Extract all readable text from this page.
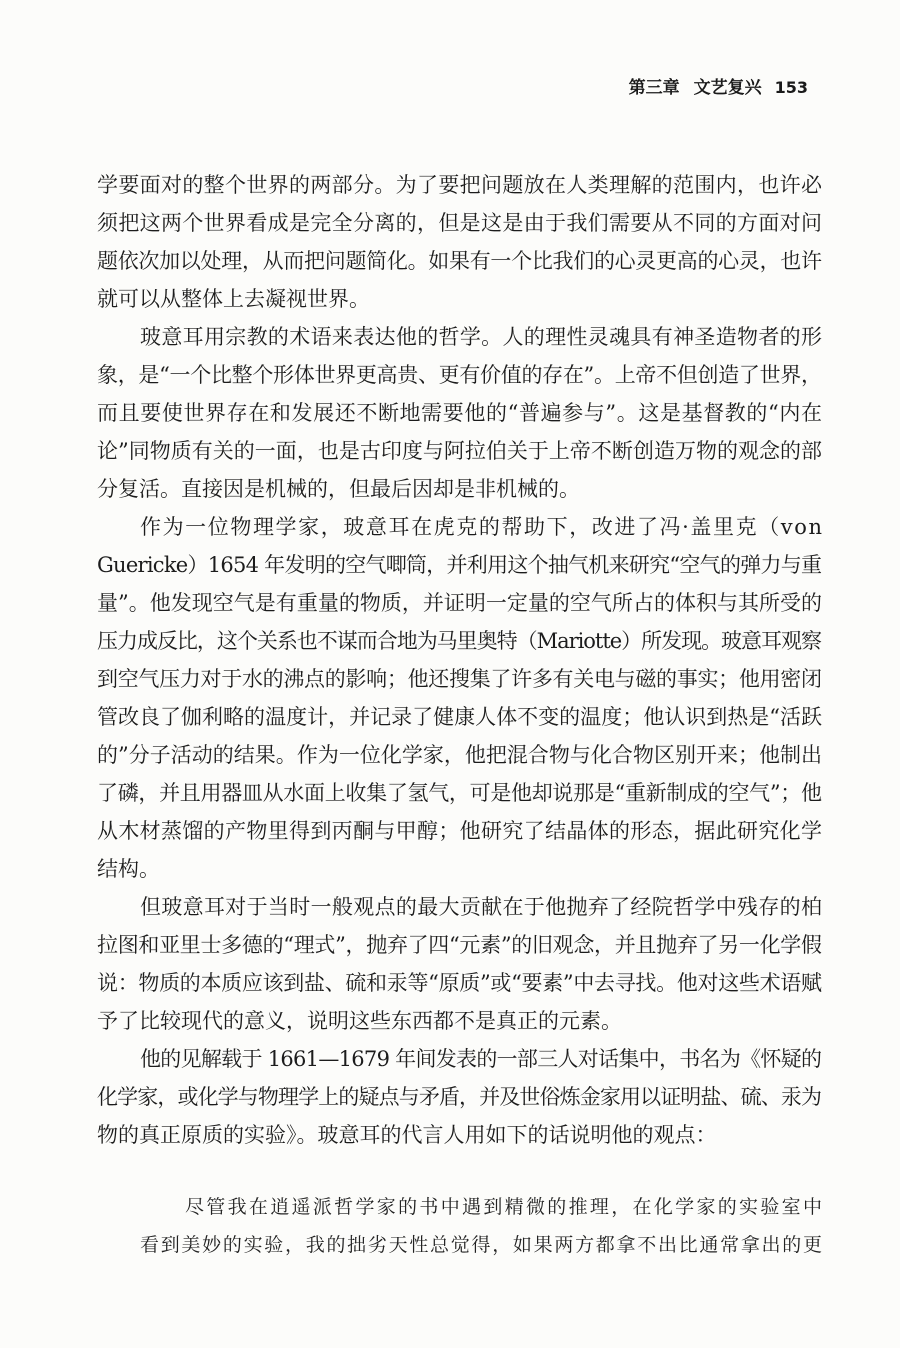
第三章 文艺复兴 153
学要面对的整个世界的两部分。为了要把问题放在人类理解的范围内，也许必
须把这两个世界看成是完全分离的，但是这是由于我们需要从不同的方面对问
题依次加以处理，从而把问题简化。如果有一个比我们的心灵更高的心灵，也许
就可以从整体上去凝视世界。
玻意耳用宗教的术语来表达他的哲学。人的理性灵魂具有神圣造物者的形
象，是“一个比整个形体世界更高贵、更有价值的存在”。上帝不但创造了世界，
而且要使世界存在和发展还不断地需要他的“普遍参与”。这是基督教的“内在
论”同物质有关的一面，也是古印度与阿拉伯关于上帝不断创造万物的观念的部
分复活。直接因是机械的，但最后因却是非机械的。
作为一位物理学家，玻意耳在虎克的帮助下，改进了冯·盖里克（von
Guericke）1654 年发明的空气唧筒，并利用这个抽气机来研究“空气的弹力与重
量”。他发现空气是有重量的物质，并证明一定量的空气所占的体积与其所受的
压力成反比，这个关系也不谋而合地为马里奥特（Mariotte）所发现。玻意耳观察
到空气压力对于水的沸点的影响；他还搜集了许多有关电与磁的事实；他用密闭
管改良了伽利略的温度计，并记录了健康人体不变的温度；他认识到热是“活跃
的”分子活动的结果。作为一位化学家，他把混合物与化合物区别开来；他制出
了磷，并且用器皿从水面上收集了氢气，可是他却说那是“重新制成的空气”；他
从木材蒸馏的产物里得到丙酮与甲醇；他研究了结晶体的形态，据此研究化学
结构。
但玻意耳对于当时一般观点的最大贡献在于他抛弃了经院哲学中残存的柏
拉图和亚里士多德的“理式”，抛弃了四“元素”的旧观念，并且抛弃了另一化学假
说：物质的本质应该到盐、硫和汞等“原质”或“要素”中去寻找。他对这些术语赋
予了比较现代的意义，说明这些东西都不是真正的元素。
他的见解载于 1661—1679 年间发表的一部三人对话集中，书名为《怀疑的
化学家，或化学与物理学上的疑点与矛盾，并及世俗炼金家用以证明盐、硫、汞为
物的真正原质的实验》。玻意耳的代言人用如下的话说明他的观点：
尽管我在逍遥派哲学家的书中遇到精微的推理，在化学家的实验室中
看到美妙的实验，我的拙劣天性总觉得，如果两方都拿不出比通常拿出的更
